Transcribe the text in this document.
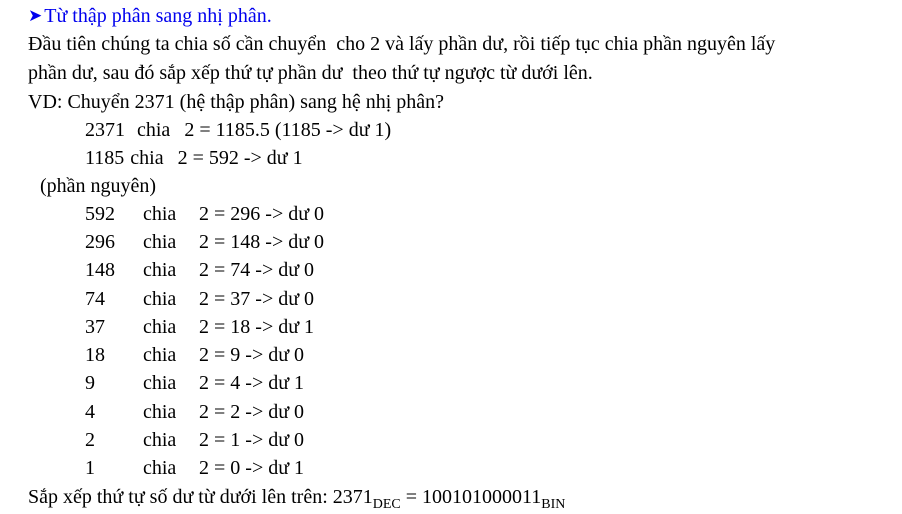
➤ Từ thập phân sang nhị phân.
Đầu tiên chúng ta chia số cần chuyển  cho 2 và lấy phần dư, rồi tiếp tục chia phần nguyên lấy
phần dư, sau đó sắp xếp thứ tự phần dư  theo thứ tự ngược từ dưới lên.
VD: Chuyển 2371 (hệ thập phân) sang hệ nhị phân?
2371 chia 2 = 1185.5 (1185 -> dư 1)
1185 chia 2 = 592 -> dư 1
(phần nguyên)
592 chia 2 = 296 -> dư 0
296 chia 2 = 148 -> dư 0
148 chia 2 = 74 -> dư 0
74 chia 2 = 37 -> dư 0
37 chia 2 = 18 -> dư 1
18 chia 2 = 9 -> dư 0
9 chia 2 = 4 -> dư 1
4 chia 2 = 2 -> dư 0
2 chia 2 = 1 -> dư 0
1 chia 2 = 0 -> dư 1
Sắp xếp thứ tự số dư từ dưới lên trên: $2371_{DEC} = 100101000011_{BIN}$
